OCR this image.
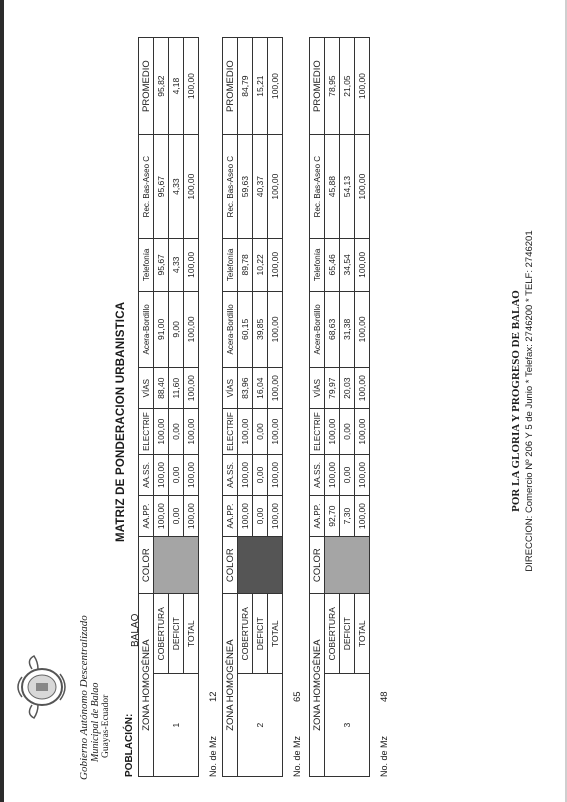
Gobierno Autónomo Descentralizado Municipal de Balao Guayas-Ecuador
MATRIZ DE PONDERACION URBANISTICA
POBLACIÓN:
BALAO
ZONA HOMOGÉNEA		COLOR	AA.PP.	AA.SS.	ELECTRIF	VÍAS	Acera-Bordillo	Telefonía	Rec. Bas-Aseo C	PROMEDIO
1	COBERTURA		100,00	100,00	100,00	88,40	91,00	95,67	95,67	95,82
	DEFICIT		0,00	0,00	0,00	11,60	9,00	4,33	4,33	4,18
	TOTAL		100,00	100,00	100,00	100,00	100,00	100,00	100,00	100,00
No. de Mz
12 ZONA HOMOGÉNEA		COLOR	AA.PP.	AA.SS.	ELECTRIF	VÍAS	Acera-Bordillo	Telefonía	Rec. Bas-Aseo C	PROMEDIO
2	COBERTURA		100,00	100,00	100,00	83,96	60,15	89,78	59,63	84,79
	DEFICIT		0,00	0,00	0,00	16,04	39,85	10,22	40,37	15,21
	TOTAL		100,00	100,00	100,00	100,00	100,00	100,00	100,00	100,00
No. de Mz
65 ZONA HOMOGÉNEA		COLOR	AA.PP.	AA.SS.	ELECTRIF	VÍAS	Acera-Bordillo	Telefonía	Rec. Bas-Aseo C	PROMEDIO
3	COBERTURA		92,70	100,00	100,00	79,97	68,63	65,46	45,88	78,95
	DEFICIT		7,30	0,00	0,00	20,03	31,38	34,54	54,13	21,05
	TOTAL		100,00	100,00	100,00	100,00	100,00	100,00	100,00	100,00
No. de Mz
48
POR LA GLORIA Y PROGRESO DE BALAO DIRECCION: Comercio Nº 206 Y 5 de Junio * Telefax: 2746200 * TELF: 2746201
